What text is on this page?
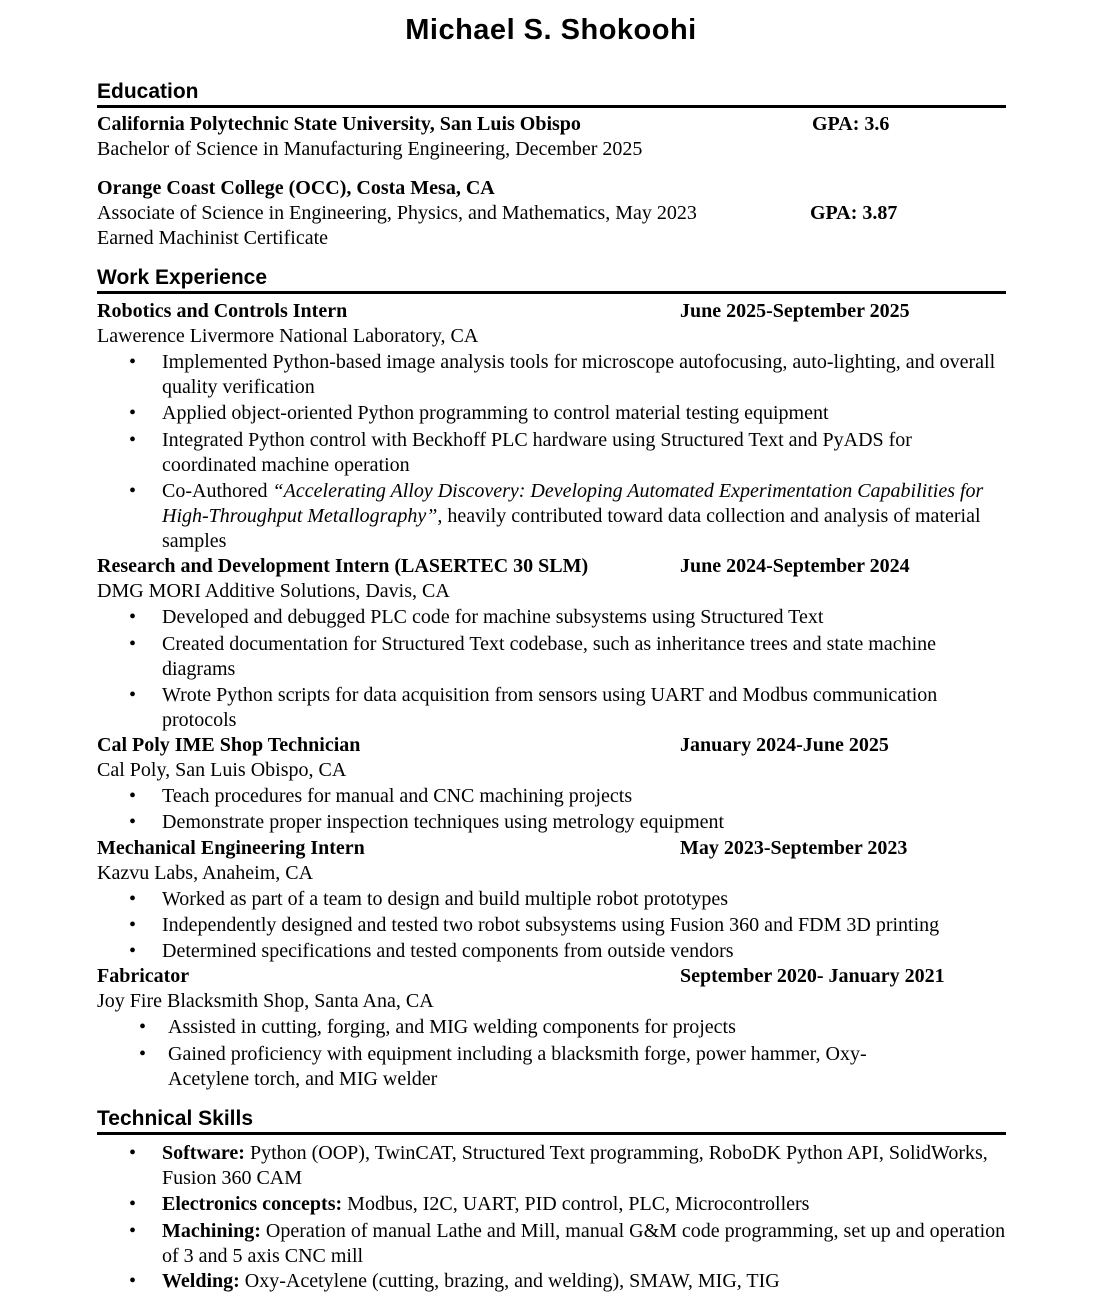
Michael S. Shokoohi
Education
California Polytechnic State University, San Luis Obispo	GPA: 3.6
Bachelor of Science in Manufacturing Engineering, December 2025
Orange Coast College (OCC), Costa Mesa, CA
Associate of Science in Engineering, Physics, and Mathematics, May 2023	GPA: 3.87
Earned Machinist Certificate
Work Experience
Robotics and Controls Intern	June 2025-September 2025
Lawerence Livermore National Laboratory, CA
• Implemented Python-based image analysis tools for microscope autofocusing, auto-lighting, and overall quality verification
• Applied object-oriented Python programming to control material testing equipment
• Integrated Python control with Beckhoff PLC hardware using Structured Text and PyADS for coordinated machine operation
• Co-Authored “Accelerating Alloy Discovery: Developing Automated Experimentation Capabilities for High-Throughput Metallography”, heavily contributed toward data collection and analysis of material samples
Research and Development Intern (LASERTEC 30 SLM)	June 2024-September 2024
DMG MORI Additive Solutions, Davis, CA
• Developed and debugged PLC code for machine subsystems using Structured Text
• Created documentation for Structured Text codebase, such as inheritance trees and state machine diagrams
• Wrote Python scripts for data acquisition from sensors using UART and Modbus communication protocols
Cal Poly IME Shop Technician	January 2024-June 2025
Cal Poly, San Luis Obispo, CA
• Teach procedures for manual and CNC machining projects
• Demonstrate proper inspection techniques using metrology equipment
Mechanical Engineering Intern	May 2023-September 2023
Kazvu Labs, Anaheim, CA
• Worked as part of a team to design and build multiple robot prototypes
• Independently designed and tested two robot subsystems using Fusion 360 and FDM 3D printing
• Determined specifications and tested components from outside vendors
Fabricator	September 2020- January 2021
Joy Fire Blacksmith Shop, Santa Ana, CA
• Assisted in cutting, forging, and MIG welding components for projects
• Gained proficiency with equipment including a blacksmith forge, power hammer, Oxy-Acetylene torch, and MIG welder
Technical Skills
• Software: Python (OOP), TwinCAT, Structured Text programming, RoboDK Python API, SolidWorks, Fusion 360 CAM
• Electronics concepts: Modbus, I2C, UART, PID control, PLC, Microcontrollers
• Machining: Operation of manual Lathe and Mill, manual G&M code programming, set up and operation of 3 and 5 axis CNC mill
• Welding: Oxy-Acetylene (cutting, brazing, and welding), SMAW, MIG, TIG
